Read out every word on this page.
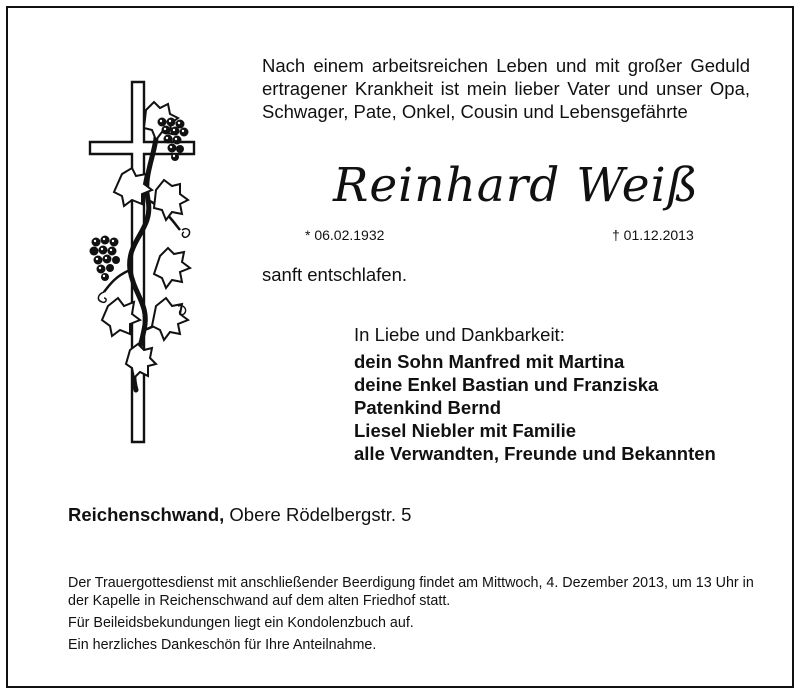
Nach einem arbeitsreichen Leben und mit großer Geduld ertragener Krankheit ist mein lieber Vater und unser Opa, Schwager, Pate, Onkel, Cousin und Lebensgefährte
Reinhard Weiß
* 06.02.1932	† 01.12.2013
sanft entschlafen.
In Liebe und Dankbarkeit:
dein Sohn Manfred mit Martina
deine Enkel Bastian und Franziska
Patenkind Bernd
Liesel Niebler mit Familie
alle Verwandten, Freunde und Bekannten
Reichenschwand, Obere Rödelbergstr. 5

Der Trauergottesdienst mit anschließender Beerdigung findet am Mittwoch, 4. Dezember 2013, um 13 Uhr in der Kapelle in Reichenschwand auf dem alten Friedhof statt.

Für Beileidsbekundungen liegt ein Kondolenzbuch auf.

Ein herzliches Dankeschön für Ihre Anteilnahme.
